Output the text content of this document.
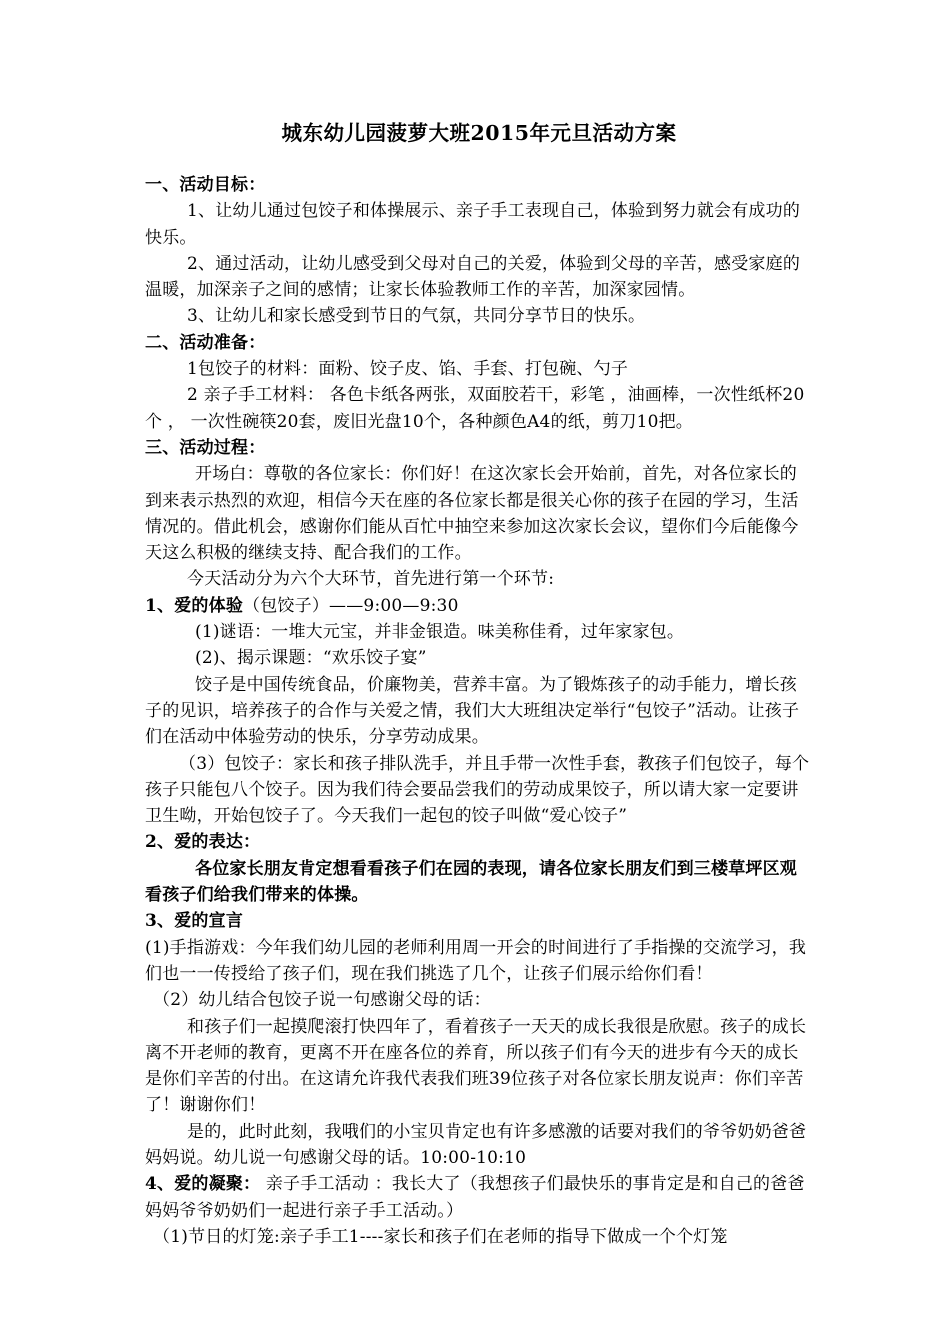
城东幼儿园菠萝大班2015年元旦活动方案

一、活动目标：

1、让幼儿通过包饺子和体操展示、亲子手工表现自己，体验到努力就会有成功的快乐。

2、通过活动，让幼儿感受到父母对自己的关爱，体验到父母的辛苦，感受家庭的温暖，加深亲子之间的感情；让家长体验教师工作的辛苦，加深家园情。

3、让幼儿和家长感受到节日的气氛，共同分享节日的快乐。

二、活动准备：

1包饺子的材料：面粉、饺子皮、馅、手套、打包碗、勺子

2 亲子手工材料： 各色卡纸各两张，双面胶若干，彩笔 ，油画棒，一次性纸杯20个 ， 一次性碗筷20套，废旧光盘10个，各种颜色A4的纸，剪刀10把。

三、活动过程：

开场白：尊敬的各位家长：你们好！在这次家长会开始前，首先，对各位家长的到来表示热烈的欢迎，相信今天在座的各位家长都是很关心你的孩子在园的学习，生活情况的。借此机会，感谢你们能从百忙中抽空来参加这次家长会议，望你们今后能像今天这么积极的继续支持、配合我们的工作。

今天活动分为六个大环节，首先进行第一个环节:

1、爱的体验（包饺子）——9:00—9:30

(1)谜语：一堆大元宝，并非金银造。味美称佳肴，过年家家包。

(2)、揭示课题：“欢乐饺子宴”

饺子是中国传统食品，价廉物美，营养丰富。为了锻炼孩子的动手能力，增长孩子的见识，培养孩子的合作与关爱之情，我们大大班组决定举行“包饺子”活动。让孩子们在活动中体验劳动的快乐，分享劳动成果。

（3）包饺子：家长和孩子排队洗手，并且手带一次性手套，教孩子们包饺子，每个孩子只能包八个饺子。因为我们待会要品尝我们的劳动成果饺子，所以请大家一定要讲卫生呦，开始包饺子了。今天我们一起包的饺子叫做“爱心饺子”

2、爱的表达：

各位家长朋友肯定想看看孩子们在园的表现，请各位家长朋友们到三楼草坪区观看孩子们给我们带来的体操。

3、爱的宣言

(1)手指游戏：今年我们幼儿园的老师利用周一开会的时间进行了手指操的交流学习，我们也一一传授给了孩子们，现在我们挑选了几个，让孩子们展示给你们看！

（2）幼儿结合包饺子说一句感谢父母的话：

和孩子们一起摸爬滚打快四年了，看着孩子一天天的成长我很是欣慰。孩子的成长离不开老师的教育，更离不开在座各位的养育，所以孩子们有今天的进步有今天的成长是你们辛苦的付出。在这请允许我代表我们班39位孩子对各位家长朋友说声：你们辛苦了！谢谢你们！

是的，此时此刻，我哦们的小宝贝肯定也有许多感激的话要对我们的爷爷奶奶爸爸妈妈说。幼儿说一句感谢父母的话。10:00-10:10

4、爱的凝聚： 亲子手工活动 ：我长大了（我想孩子们最快乐的事肯定是和自己的爸爸妈妈爷爷奶奶们一起进行亲子手工活动。）

（1)节日的灯笼:亲子手工1----家长和孩子们在老师的指导下做成一个个灯笼
